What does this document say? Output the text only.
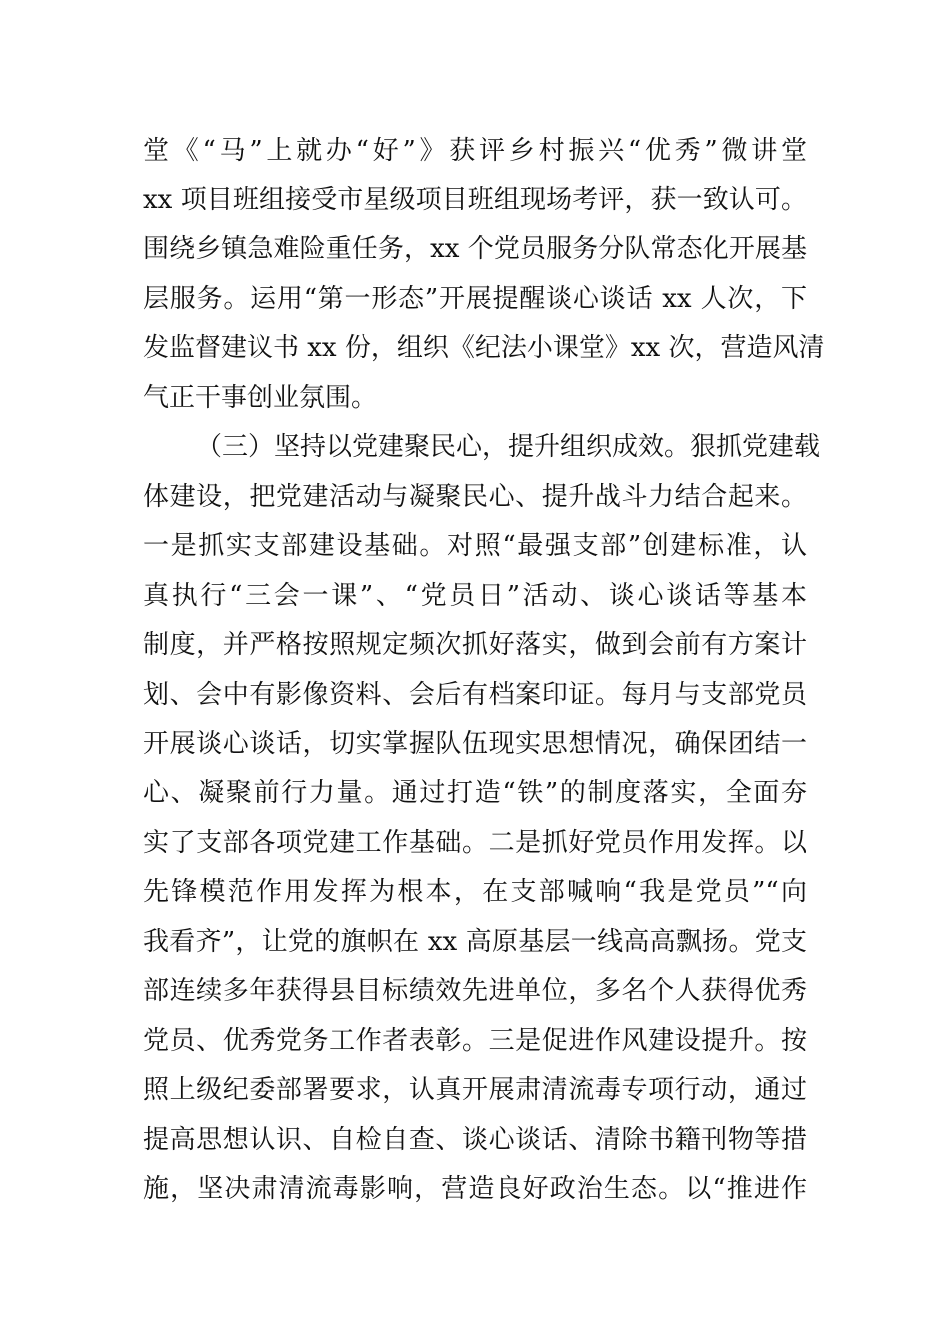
堂《“马”上就办“好”》获评乡村振兴“优秀”微讲堂
xx 项目班组接受市星级项目班组现场考评，获一致认可。
围绕乡镇急难险重任务，xx 个党员服务分队常态化开展基
层服务。运用“第一形态”开展提醒谈心谈话 xx 人次，下
发监督建议书 xx 份，组织《纪法小课堂》xx 次，营造风清
气正干事创业氛围。
（三）坚持以党建聚民心，提升组织成效。狠抓党建载
体建设，把党建活动与凝聚民心、提升战斗力结合起来。
一是抓实支部建设基础。对照“最强支部”创建标准，认
真执行“三会一课”、“党员日”活动、谈心谈话等基本
制度，并严格按照规定频次抓好落实，做到会前有方案计
划、会中有影像资料、会后有档案印证。每月与支部党员
开展谈心谈话，切实掌握队伍现实思想情况，确保团结一
心、凝聚前行力量。通过打造“铁”的制度落实，全面夯
实了支部各项党建工作基础。二是抓好党员作用发挥。以
先锋模范作用发挥为根本，在支部喊响“我是党员”“向
我看齐”，让党的旗帜在 xx 高原基层一线高高飘扬。党支
部连续多年获得县目标绩效先进单位，多名个人获得优秀
党员、优秀党务工作者表彰。三是促进作风建设提升。按
照上级纪委部署要求，认真开展肃清流毒专项行动，通过
提高思想认识、自检自查、谈心谈话、清除书籍刊物等措
施，坚决肃清流毒影响，营造良好政治生态。以“推进作
